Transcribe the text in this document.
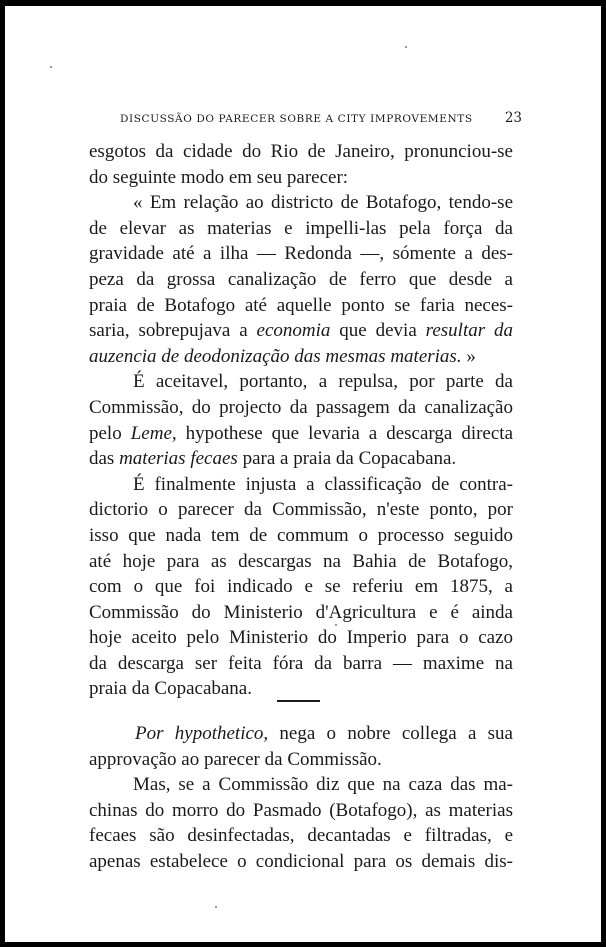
DISCUSSÃO DO PARECER SOBRE A CITY IMPROVEMENTS 23
esgotos da cidade do Rio de Janeiro, pronunciou-se
do seguinte modo em seu parecer:
« Em relação ao districto de Botafogo, tendo-se
de elevar as materias e impelli-las pela força da
gravidade até a ilha — Redonda —, sómente a des-
peza da grossa canalização de ferro que desde a
praia de Botafogo até aquelle ponto se faria neces-
saria, sobrepujava a economia que devia resultar da
auzencia de deodonização das mesmas materias. »
É aceitavel, portanto, a repulsa, por parte da
Commissão, do projecto da passagem da canalização
pelo Leme, hypothese que levaria a descarga directa
das materias fecaes para a praia da Copacabana.
É finalmente injusta a classificação de contra-
dictorio o parecer da Commissão, n'este ponto, por
isso que nada tem de commum o processo seguido
até hoje para as descargas na Bahia de Botafogo,
com o que foi indicado e se referiu em 1875, a
Commissão do Ministerio d'Agricultura e é ainda
hoje aceito pelo Ministerio do Imperio para o cazo
da descarga ser feita fóra da barra — maxime na
praia da Copacabana.
Por hypothetico, nega o nobre collega a sua
approvação ao parecer da Commissão.
Mas, se a Commissão diz que na caza das ma-
chinas do morro do Pasmado (Botafogo), as materias
fecaes são desinfectadas, decantadas e filtradas, e
apenas estabelece o condicional para os demais dis-
